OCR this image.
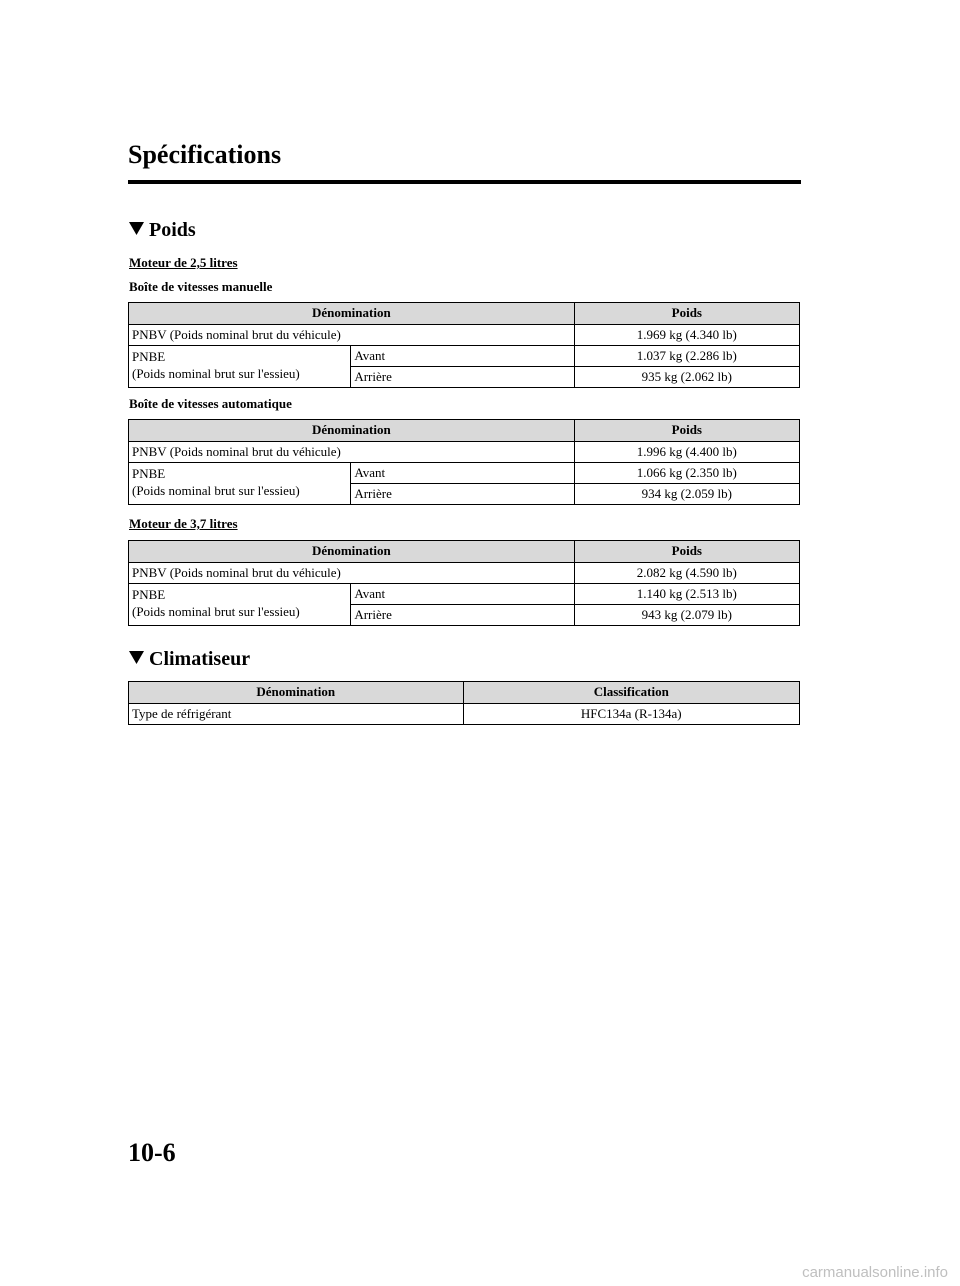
Spécifications
Poids

Moteur de 2,5 litres

Boîte de vitesses manuelle

Dénomination		Poids
PNBV (Poids nominal brut du véhicule)		1.969 kg (4.340 lb)
PNBE
(Poids nominal brut sur l'essieu)	Avant	1.037 kg (2.286 lb)
	Arrière	935 kg (2.062 lb)

Boîte de vitesses automatique

Dénomination		Poids
PNBV (Poids nominal brut du véhicule)		1.996 kg (4.400 lb)
PNBE
(Poids nominal brut sur l'essieu)	Avant	1.066 kg (2.350 lb)
	Arrière	934 kg (2.059 lb)

Moteur de 3,7 litres

Dénomination		Poids
PNBV (Poids nominal brut du véhicule)		2.082 kg (4.590 lb)
PNBE
(Poids nominal brut sur l'essieu)	Avant	1.140 kg (2.513 lb)
	Arrière	943 kg (2.079 lb)
Climatiseur
Dénomination	Classification
Type de réfrigérant	HFC134a (R-134a)

10-6

carmanualsonline.info
